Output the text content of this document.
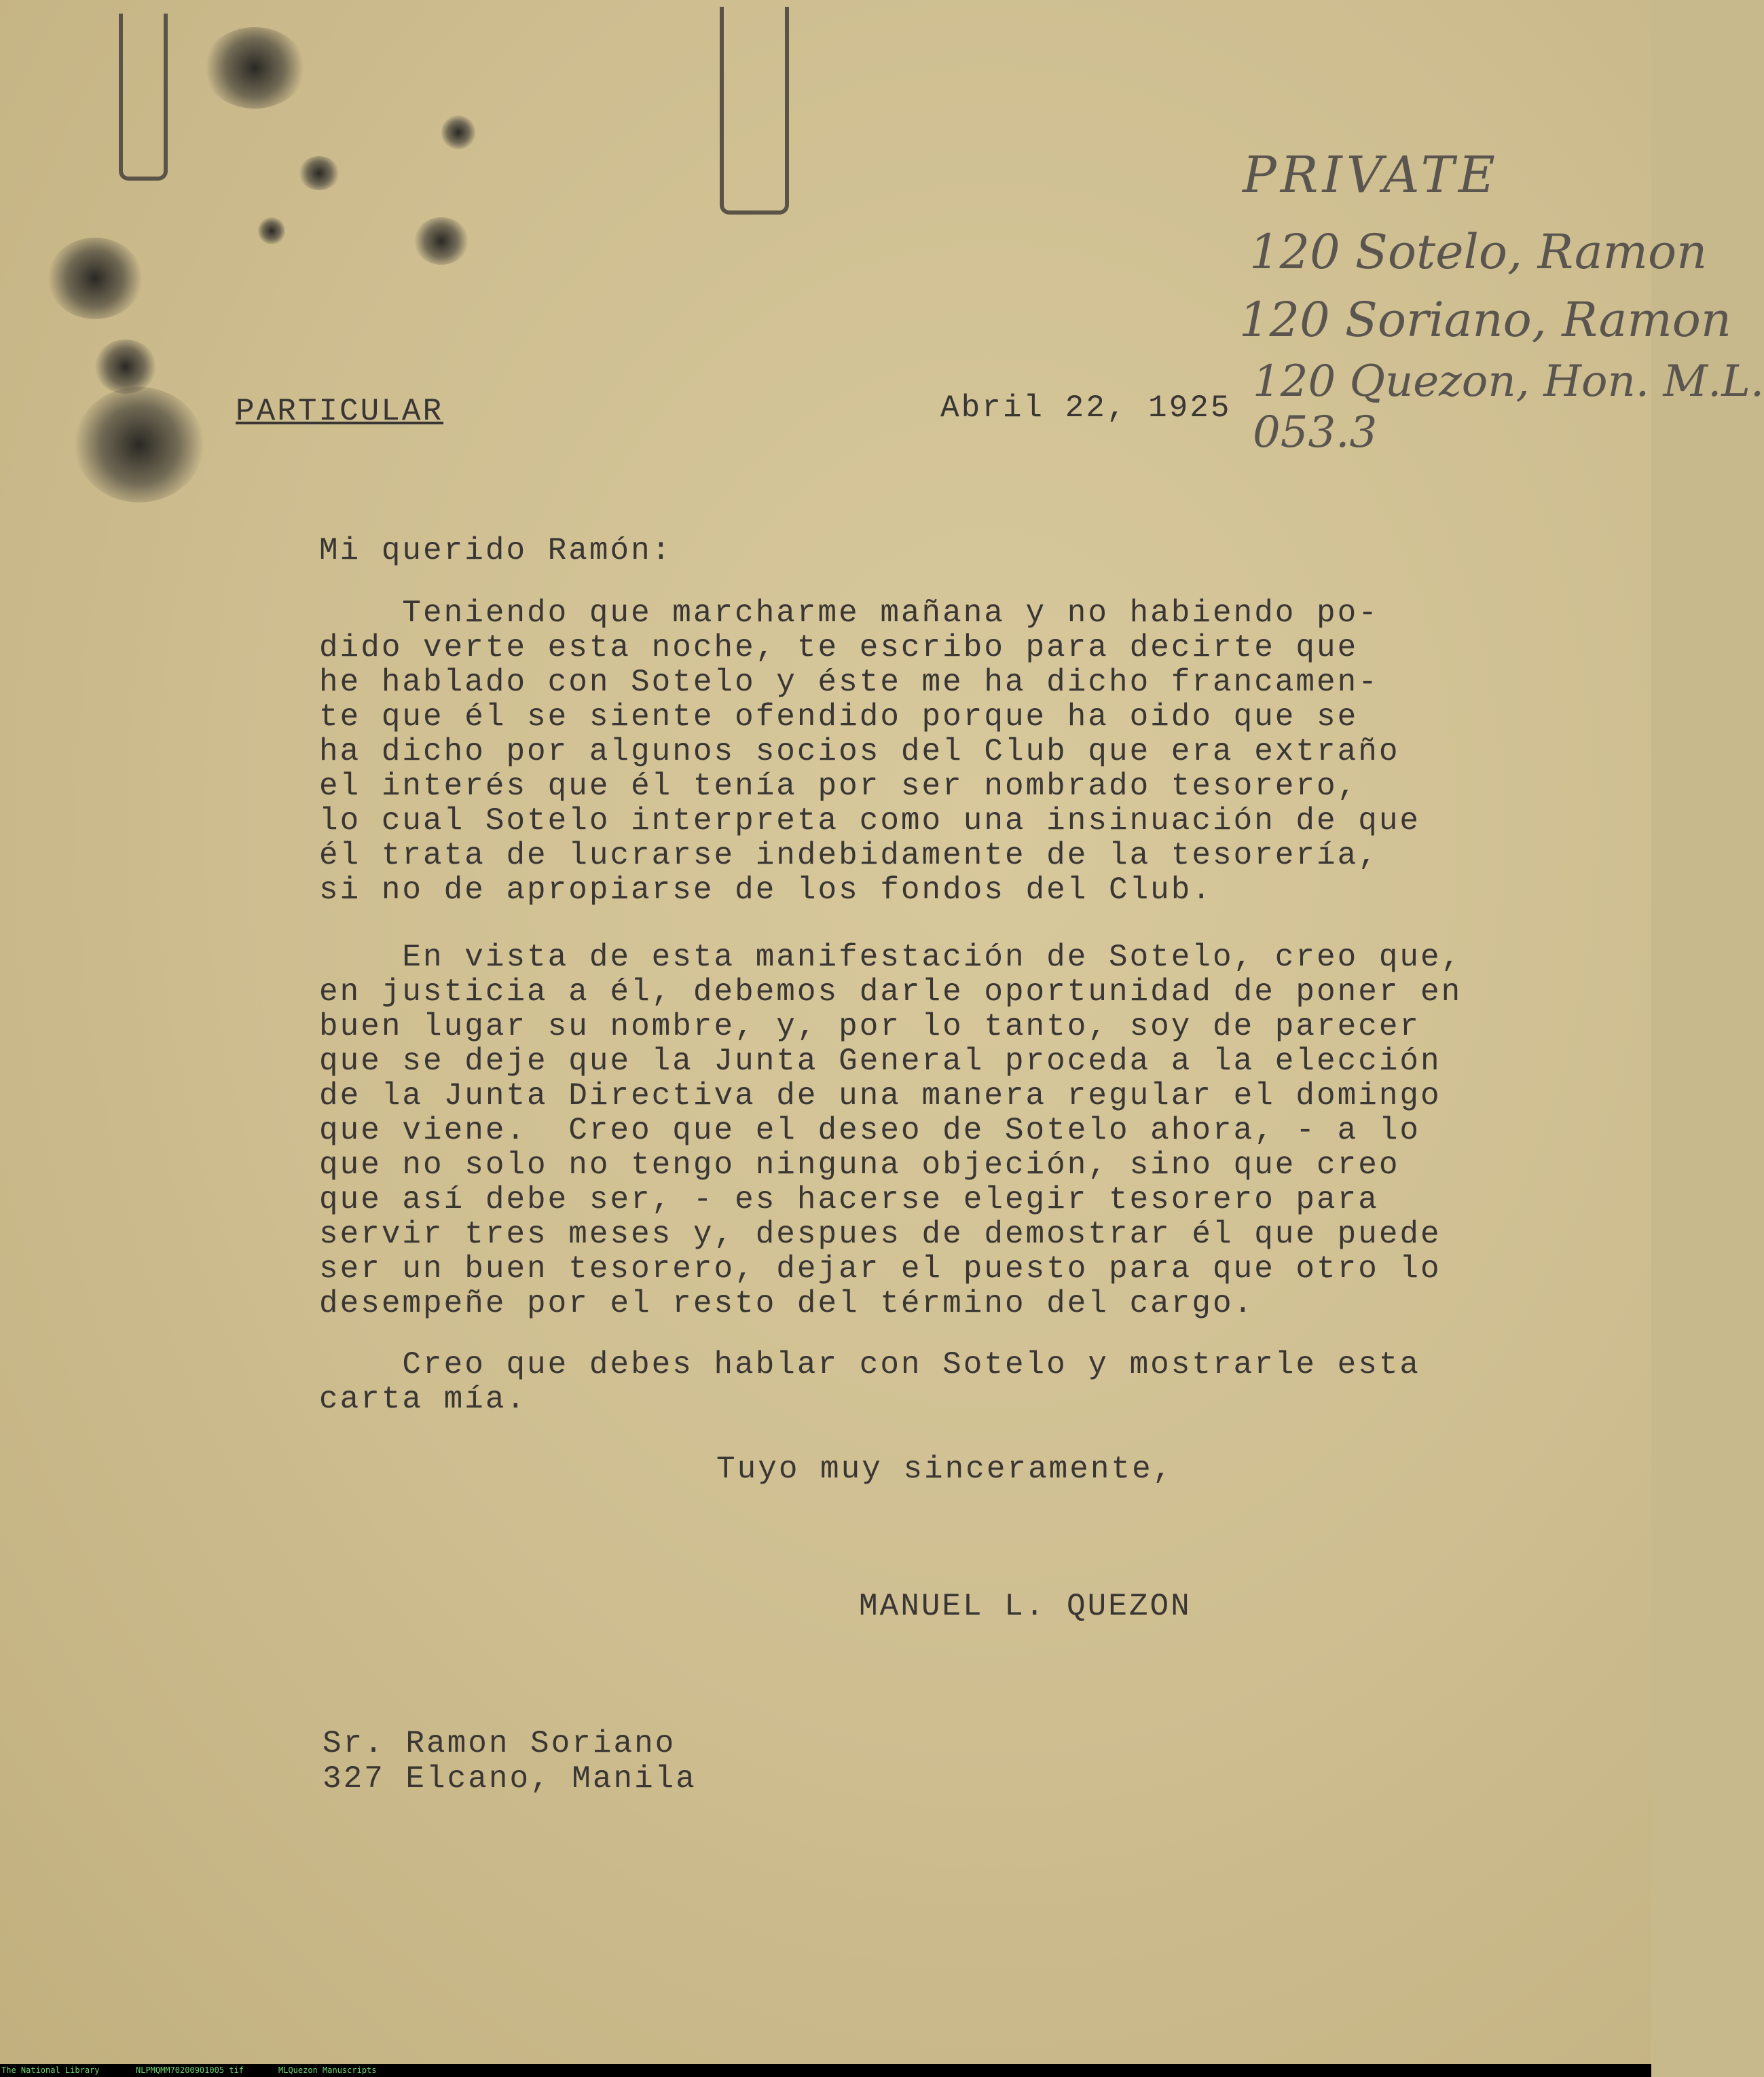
PRIVATE
120 Sotelo, Ramon
120 Soriano, Ramon
120 Quezon, Hon. M.L.
053.3
PARTICULAR	Abril 22, 1925
Mi querido Ramón:
Teniendo que marcharme mañana y no habiendo po-
dido verte esta noche, te escribo para decirte que
he hablado con Sotelo y éste me ha dicho francamen-
te que él se siente ofendido porque ha oido que se
ha dicho por algunos socios del Club que era extraño
el interés que él tenía por ser nombrado tesorero,
lo cual Sotelo interpreta como una insinuación de que
él trata de lucrarse indebidamente de la tesorería,
si no de apropiarse de los fondos del Club.
En vista de esta manifestación de Sotelo, creo que,
en justicia a él, debemos darle oportunidad de poner en
buen lugar su nombre, y, por lo tanto, soy de parecer
que se deje que la Junta General proceda a la elección
de la Junta Directiva de una manera regular el domingo
que viene.  Creo que el deseo de Sotelo ahora, - a lo
que no solo no tengo ninguna objeción, sino que creo
que así debe ser, - es hacerse elegir tesorero para
servir tres meses y, despues de demostrar él que puede
ser un buen tesorero, dejar el puesto para que otro lo
desempeñe por el resto del término del cargo.
Creo que debes hablar con Sotelo y mostrarle esta
carta mía.
Tuyo muy sinceramente,
MANUEL L. QUEZON
Sr. Ramon Soriano
327 Elcano, Manila
The National Library	NLPMQMM70200901005 tif	MLQuezon Manuscripts
